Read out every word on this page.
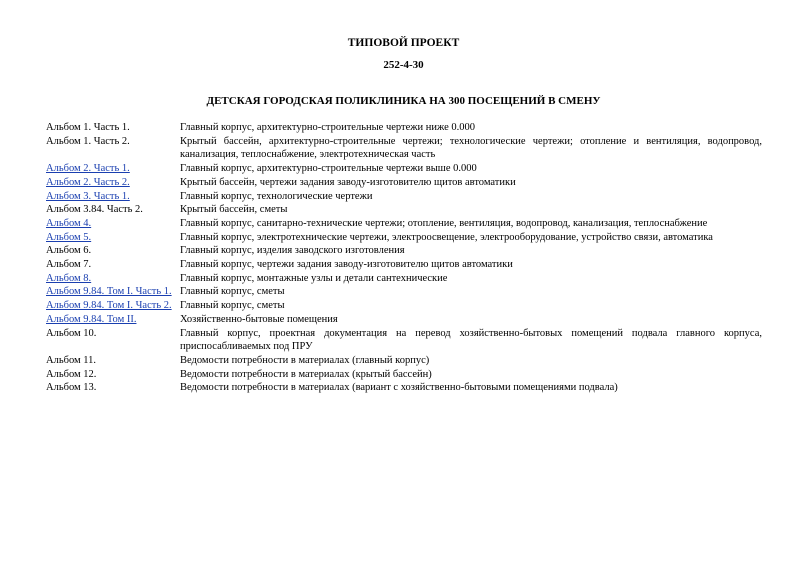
ТИПОВОЙ ПРОЕКТ
252-4-30
ДЕТСКАЯ ГОРОДСКАЯ ПОЛИКЛИНИКА НА 300 ПОСЕЩЕНИЙ В СМЕНУ
Альбом 1. Часть 1.	Главный корпус, архитектурно-строительные чертежи ниже 0.000
Альбом 1. Часть 2.	Крытый бассейн, архитектурно-строительные чертежи; технологические чертежи; отопление и вентиляция, водопровод, канализация, теплоснабжение, электротехническая часть
Альбом 2. Часть 1.	Главный корпус, архитектурно-строительные чертежи выше 0.000
Альбом 2. Часть 2.	Крытый бассейн, чертежи задания заводу-изготовителю щитов автоматики
Альбом 3. Часть 1.	Главный корпус, технологические чертежи
Альбом 3.84. Часть 2.	Крытый бассейн, сметы
Альбом 4.	Главный корпус, санитарно-технические чертежи; отопление, вентиляция, водопровод, канализация, теплоснабжение
Альбом 5.	Главный корпус, электротехнические чертежи, электроосвещение, электрооборудование, устройство связи, автоматика
Альбом 6.	Главный корпус, изделия заводского изготовления
Альбом 7.	Главный корпус, чертежи задания заводу-изготовителю щитов автоматики
Альбом 8.	Главный корпус, монтажные узлы и детали сантехнические
Альбом 9.84. Том I. Часть 1.	Главный корпус, сметы
Альбом 9.84. Том I. Часть 2.	Главный корпус, сметы
Альбом 9.84. Том II.	Хозяйственно-бытовые помещения
Альбом 10.	Главный корпус, проектная документация на перевод хозяйственно-бытовых помещений подвала главного корпуса, приспосабливаемых под ПРУ
Альбом 11.	Ведомости потребности в материалах (главный корпус)
Альбом 12.	Ведомости потребности в материалах (крытый бассейн)
Альбом 13.	Ведомости потребности в материалах (вариант с хозяйственно-бытовыми помещениями подвала)
